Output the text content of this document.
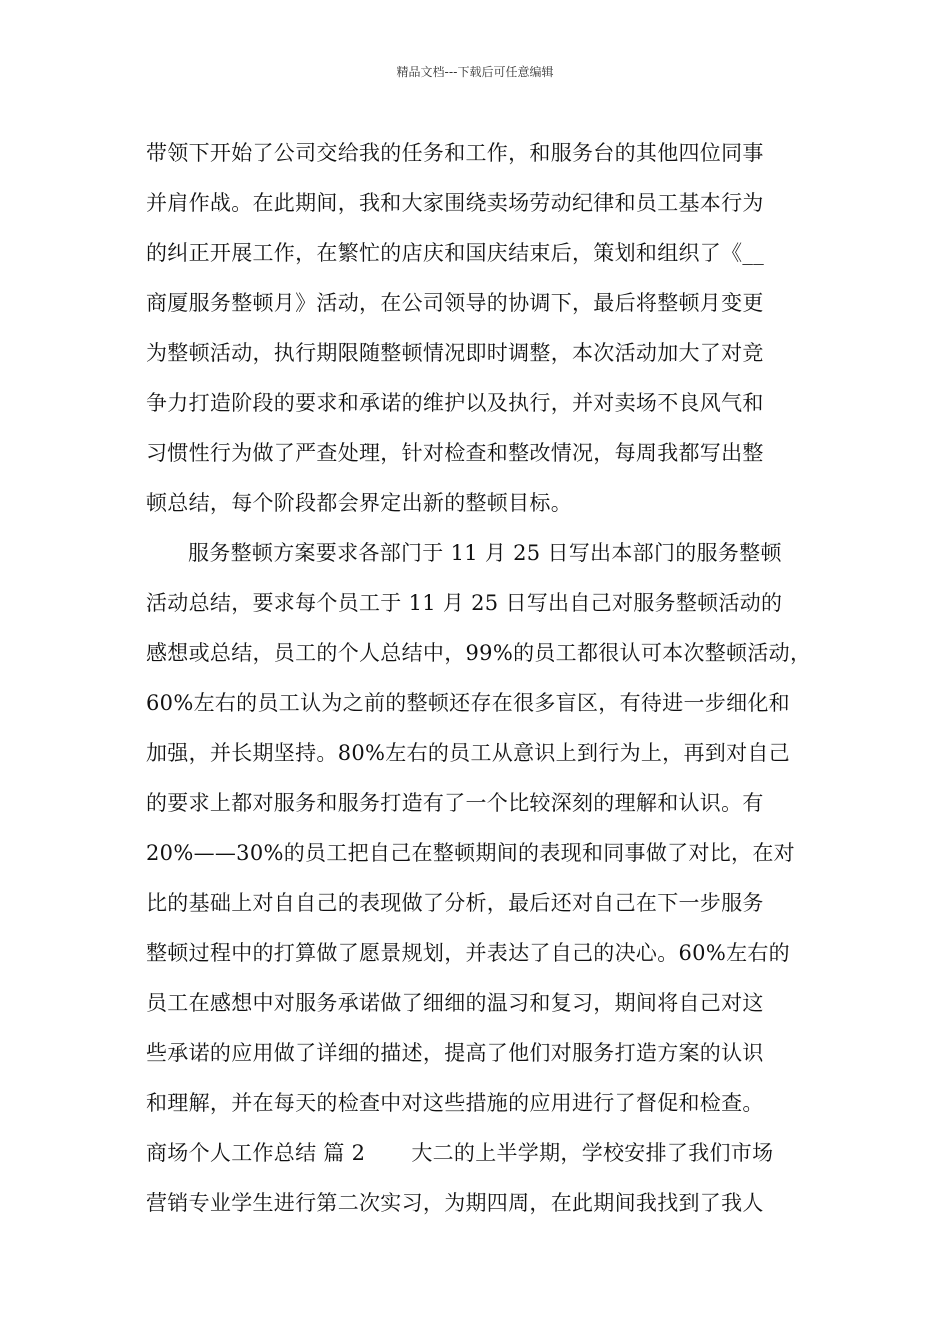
精品文档---下载后可任意编辑
带领下开始了公司交给我的任务和工作，和服务台的其他四位同事
并肩作战。在此期间，我和大家围绕卖场劳动纪律和员工基本行为
的纠正开展工作，在繁忙的店庆和国庆结束后，策划和组织了《__
商厦服务整顿月》活动，在公司领导的协调下，最后将整顿月变更
为整顿活动，执行期限随整顿情况即时调整，本次活动加大了对竞
争力打造阶段的要求和承诺的维护以及执行，并对卖场不良风气和
习惯性行为做了严查处理，针对检查和整改情况，每周我都写出整
顿总结，每个阶段都会界定出新的整顿目标。
服务整顿方案要求各部门于 11 月 25 日写出本部门的服务整顿
活动总结，要求每个员工于 11 月 25 日写出自己对服务整顿活动的
感想或总结，员工的个人总结中，99%的员工都很认可本次整顿活动，
60%左右的员工认为之前的整顿还存在很多盲区，有待进一步细化和
加强，并长期坚持。80%左右的员工从意识上到行为上，再到对自己
的要求上都对服务和服务打造有了一个比较深刻的理解和认识。有
20%——30%的员工把自己在整顿期间的表现和同事做了对比，在对
比的基础上对自自己的表现做了分析，最后还对自己在下一步服务
整顿过程中的打算做了愿景规划，并表达了自己的决心。60%左右的
员工在感想中对服务承诺做了细细的温习和复习，期间将自己对这
些承诺的应用做了详细的描述，提高了他们对服务打造方案的认识
和理解，并在每天的检查中对这些措施的应用进行了督促和检查。
商场个人工作总结 篇 2 大二的上半学期，学校安排了我们市场
营销专业学生进行第二次实习，为期四周，在此期间我找到了我人
